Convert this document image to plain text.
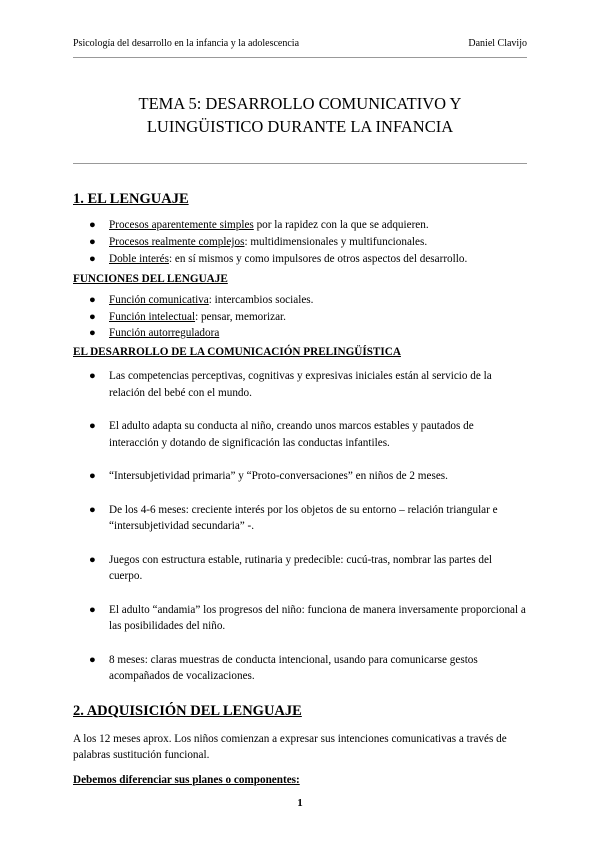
Psicología del desarrollo en la infancia y la adolescencia	Daniel Clavijo
TEMA 5: DESARROLLO COMUNICATIVO Y
LUINGÜISTICO DURANTE LA INFANCIA
1. EL LENGUAJE
● Procesos aparentemente simples por la rapidez con la que se adquieren.
● Procesos realmente complejos: multidimensionales y multifuncionales.
● Doble interés: en sí mismos y como impulsores de otros aspectos del desarrollo.
FUNCIONES DEL LENGUAJE
● Función comunicativa: intercambios sociales.
● Función intelectual: pensar, memorizar.
● Función autorreguladora
EL DESARROLLO DE LA COMUNICACIÓN PRELINGÜÍSTICA
● Las competencias perceptivas, cognitivas y expresivas iniciales están al servicio de la relación del bebé con el mundo.
● El adulto adapta su conducta al niño, creando unos marcos estables y pautados de interacción y dotando de significación las conductas infantiles.
● “Intersubjetividad primaria” y “Proto-conversaciones” en niños de 2 meses.
● De los 4-6 meses: creciente interés por los objetos de su entorno – relación triangular e “intersubjetividad secundaria” -.
● Juegos con estructura estable, rutinaria y predecible: cucú-tras, nombrar las partes del cuerpo.
● El adulto “andamia” los progresos del niño: funciona de manera inversamente proporcional a las posibilidades del niño.
● 8 meses: claras muestras de conducta intencional, usando para comunicarse gestos acompañados de vocalizaciones.
2. ADQUISICIÓN DEL LENGUAJE

A los 12 meses aprox. Los niños comienzan a expresar sus intenciones comunicativas a través de palabras sustitución funcional.

Debemos diferenciar sus planes o componentes:
1
